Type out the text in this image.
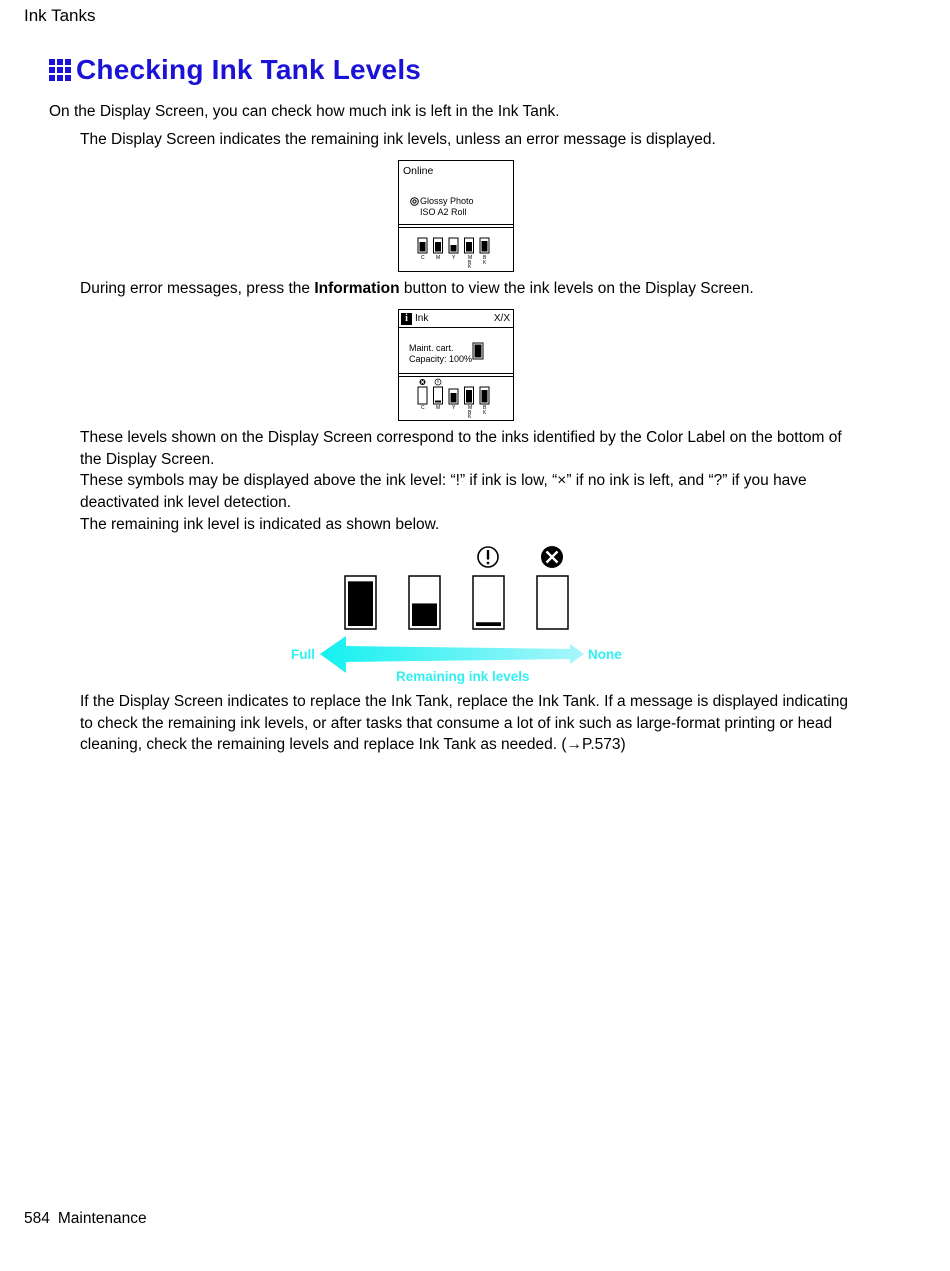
Ink Tanks
Checking Ink Tank Levels
On the Display Screen, you can check how much ink is left in the Ink Tank.
The Display Screen indicates the remaining ink levels, unless an error message is displayed.
Online
Glossy Photo
ISO A2 Roll
C M Y	MBK
BK
During error messages, press the Information button to view the ink levels on the Display Screen.
i Ink	X/X
Maint. cart.
Capacity: 100%
C M Y	MBK
BK
These levels shown on the Display Screen correspond to the inks identified by the Color Label on the bottom of the Display Screen.
These symbols may be displayed above the ink level: “!” if ink is low, “×” if no ink is left, and “?” if you have deactivated ink level detection.
The remaining ink level is indicated as shown below.
Full	None
Remaining ink levels
If the Display Screen indicates to replace the Ink Tank, replace the Ink Tank. If a message is displayed indicating to check the remaining ink levels, or after tasks that consume a lot of ink such as large-format printing or head cleaning, check the remaining levels and replace Ink Tank as needed. (→P.573)
584 Maintenance
